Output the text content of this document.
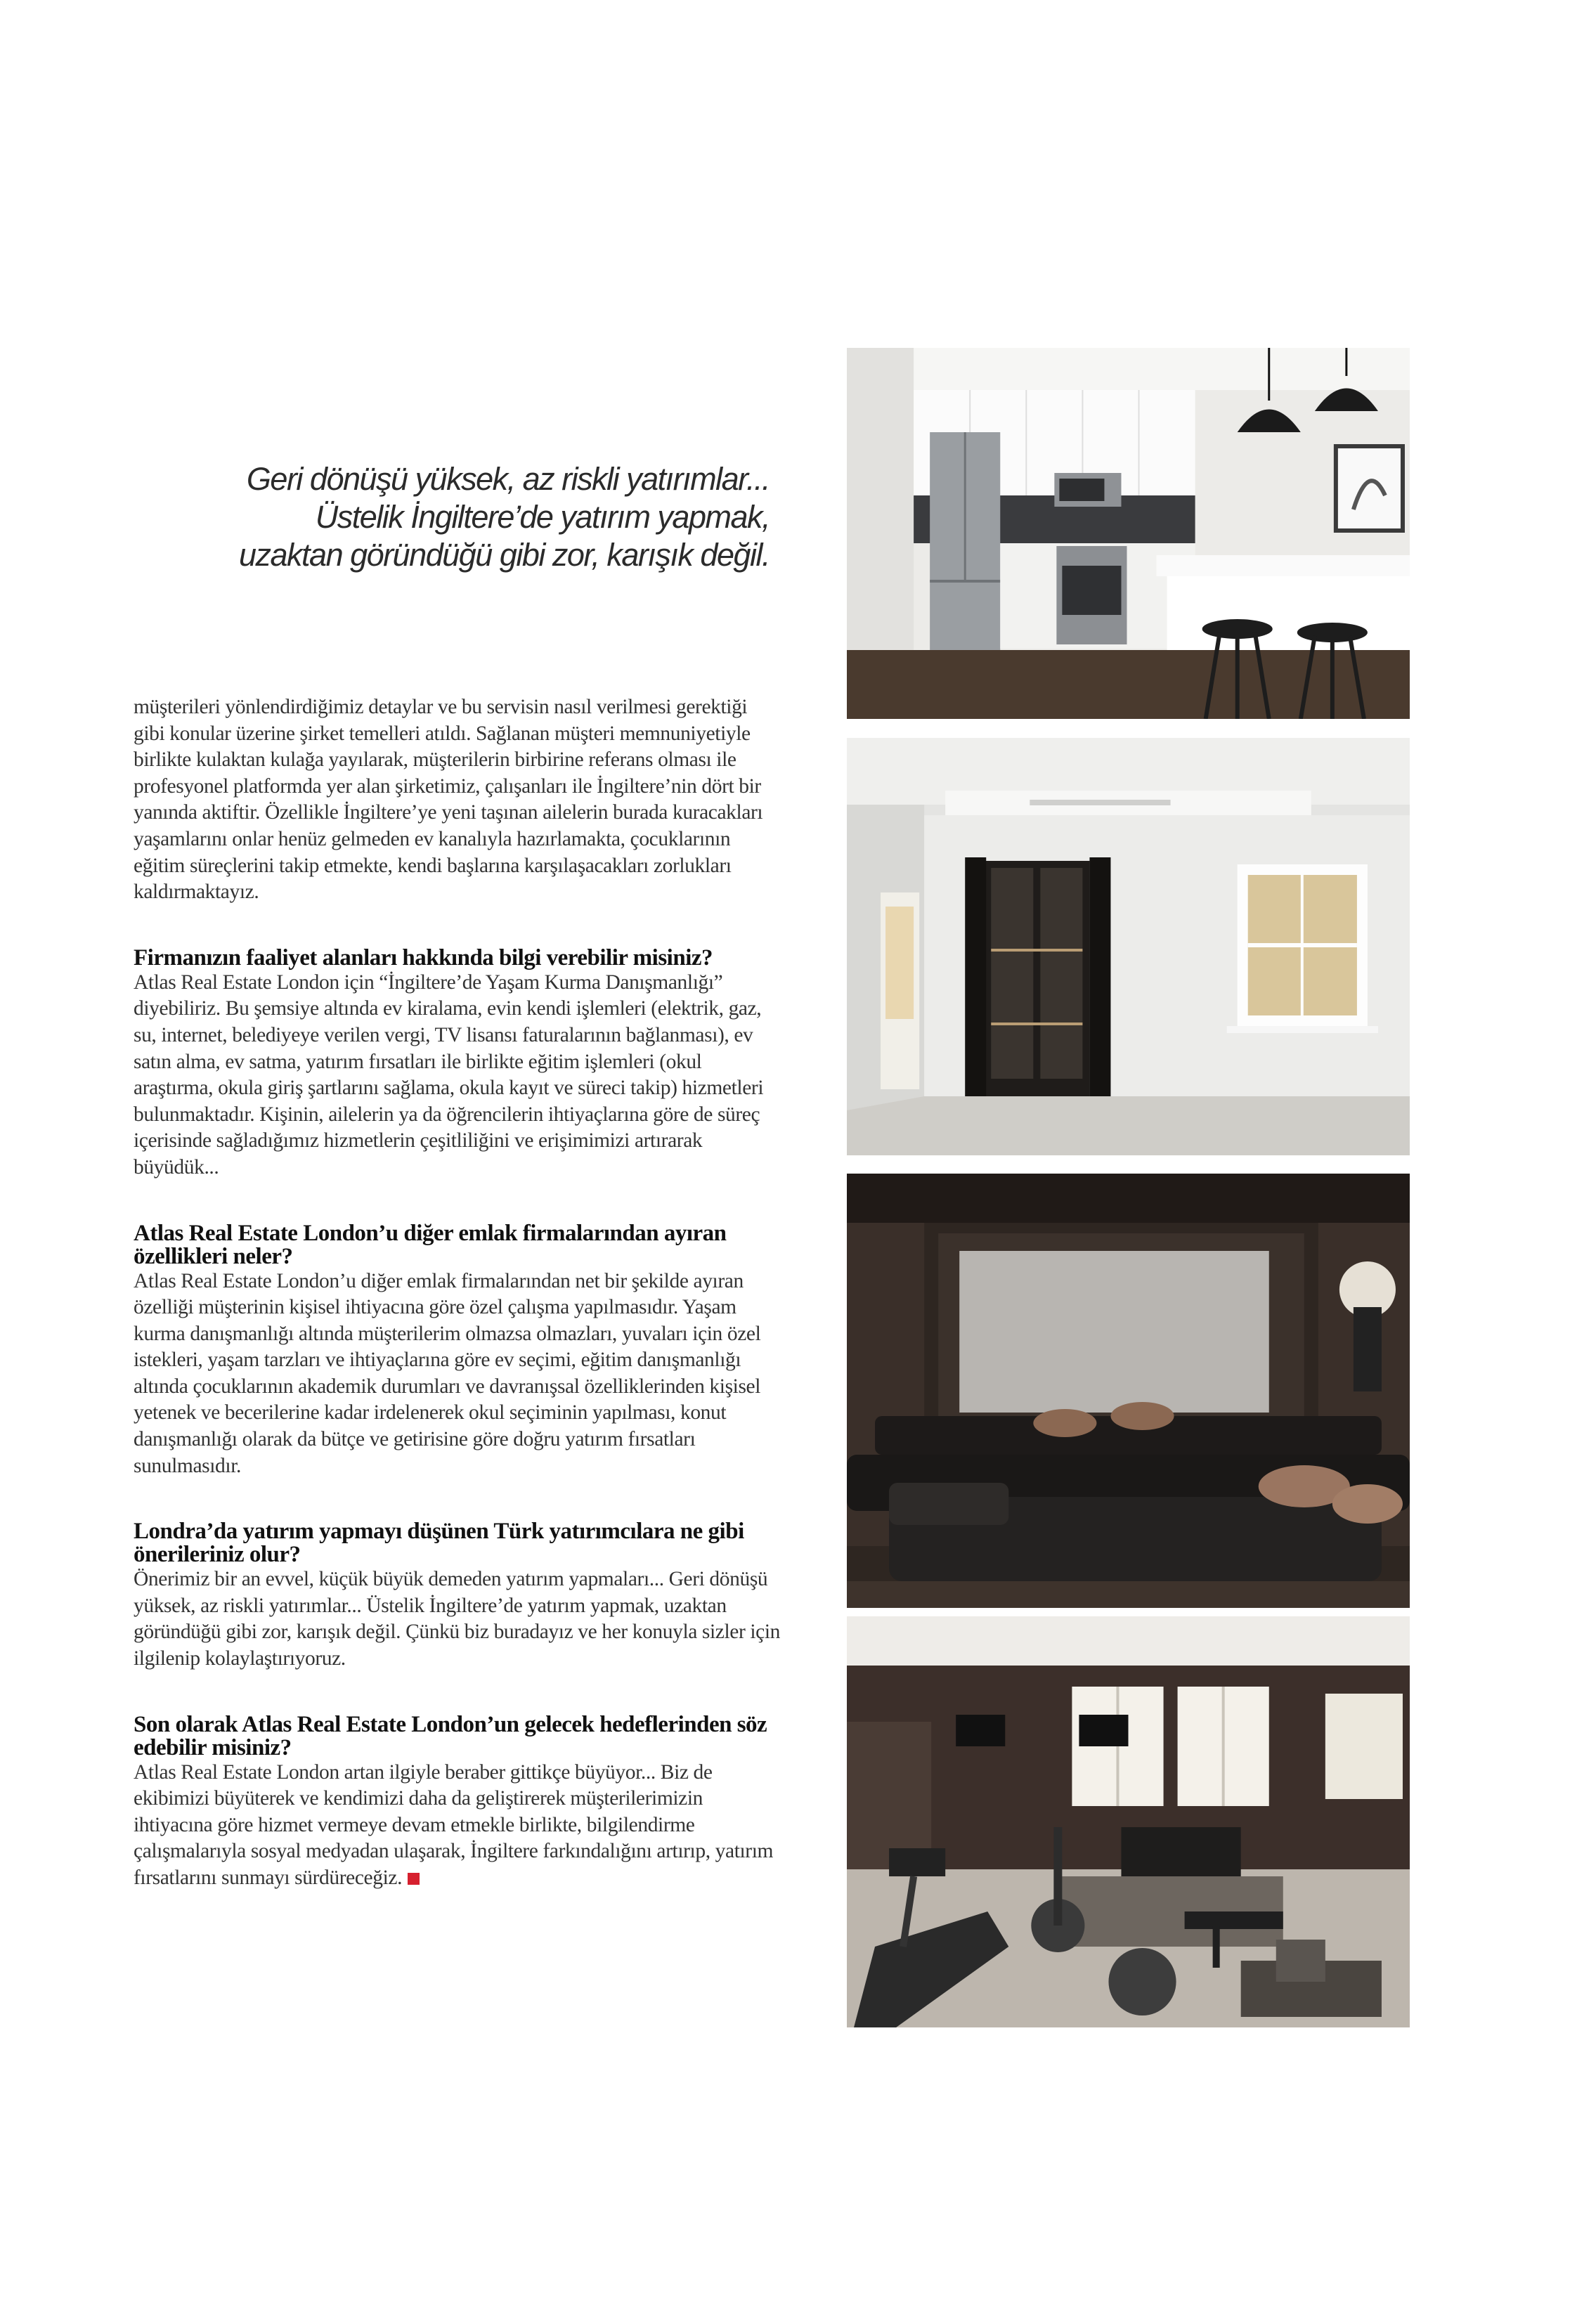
Geri dönüşü yüksek, az riskli yatırımlar...
Üstelik İngiltere’de yatırım yapmak,
uzaktan göründüğü gibi zor, karışık değil.

müşterileri yönlendirdiğimiz detaylar ve bu servisin nasıl verilmesi gerektiği gibi konular üzerine şirket temelleri atıldı. Sağlanan müşteri memnuniyetiyle birlikte kulaktan kulağa yayılarak, müşterilerin birbirine referans olması ile profesyonel platformda yer alan şirketimiz, çalışanları ile İngiltere’nin dört bir yanında aktiftir. Özellikle İngiltere’ye yeni taşınan ailelerin burada kuracakları yaşamlarını onlar henüz gelmeden ev kanalıyla hazırlamakta, çocuklarının eğitim süreçlerini takip etmekte, kendi başlarına karşılaşacakları zorlukları kaldırmaktayız.

Firmanızın faaliyet alanları hakkında bilgi verebilir misiniz?

Atlas Real Estate London için “İngiltere’de Yaşam Kurma Danışmanlığı” diyebiliriz. Bu şemsiye altında ev kiralama, evin kendi işlemleri (elektrik, gaz, su, internet, belediyeye verilen vergi, TV lisansı faturalarının bağlanması), ev satın alma, ev satma, yatırım fırsatları ile birlikte eğitim işlemleri (okul araştırma, okula giriş şartlarını sağlama, okula kayıt ve süreci takip) hizmetleri bulunmaktadır. Kişinin, ailelerin ya da öğrencilerin ihtiyaçlarına göre de süreç içerisinde sağladığımız hizmetlerin çeşitliliğini ve erişimimizi artırarak büyüdük...

Atlas Real Estate London’u diğer emlak firmalarından ayıran özellikleri neler?

Atlas Real Estate London’u diğer emlak firmalarından net bir şekilde ayıran özelliği müşterinin kişisel ihtiyacına göre özel çalışma yapılmasıdır. Yaşam kurma danışmanlığı altında müşterilerim olmazsa olmazları, yuvaları için özel istekleri, yaşam tarzları ve ihtiyaçlarına göre ev seçimi, eğitim danışmanlığı altında çocuklarının akademik durumları ve davranışsal özelliklerinden kişisel yetenek ve becerilerine kadar irdelenerek okul seçiminin yapılması, konut danışmanlığı olarak da bütçe ve getirisine göre doğru yatırım fırsatları sunulmasıdır.

Londra’da yatırım yapmayı düşünen Türk yatırımcılara ne gibi önerileriniz olur?

Önerimiz bir an evvel, küçük büyük demeden yatırım yapmaları... Geri dönüşü yüksek, az riskli yatırımlar... Üstelik İngiltere’de yatırım yapmak, uzaktan göründüğü gibi zor, karışık değil. Çünkü biz buradayız ve her konuyla sizler için ilgilenip kolaylaştırıyoruz.

Son olarak Atlas Real Estate London’un gelecek hedeflerinden söz edebilir misiniz?

Atlas Real Estate London artan ilgiyle beraber gittikçe büyüyor... Biz de ekibimizi büyüterek ve kendimizi daha da geliştirerek müşterilerimizin ihtiyacına göre hizmet vermeye devam etmekle birlikte, bilgilendirme çalışmalarıyla sosyal medyadan ulaşarak, İngiltere farkındalığını artırıp, yatırım fırsatlarını sunmayı sürdüreceğiz.
